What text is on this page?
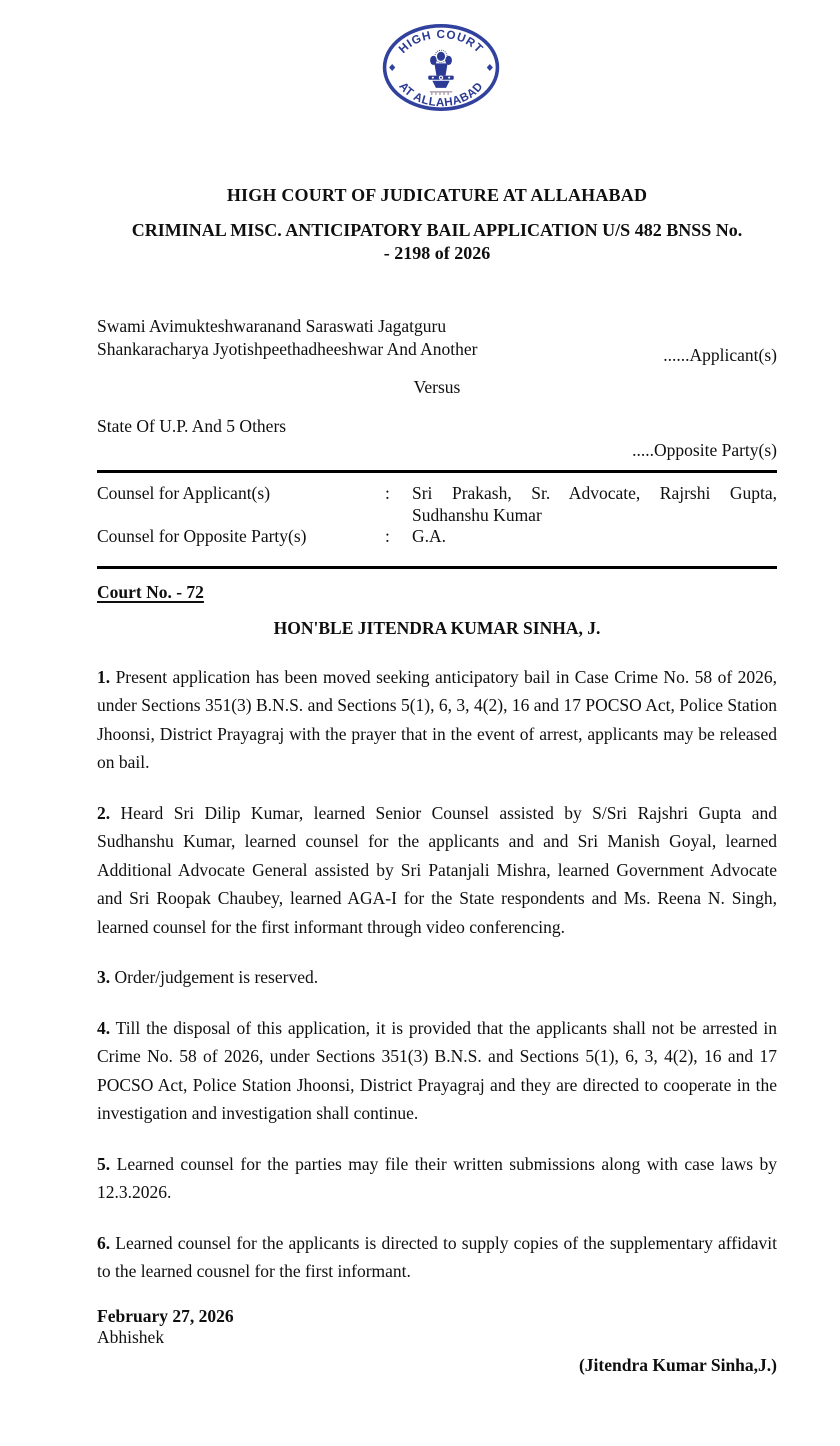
HIGH COURT
AT ALLAHABAD
HIGH COURT OF JUDICATURE AT ALLAHABAD
CRIMINAL MISC. ANTICIPATORY BAIL APPLICATION U/S 482 BNSS No.
- 2198 of 2026
Swami Avimukteshwaranand Saraswati Jagatguru
Shankaracharya Jyotishpeethadheeshwar And Another	......Applicant(s)
Versus
State Of U.P. And 5 Others
.....Opposite Party(s)
Counsel for Applicant(s)	:	Sri Prakash, Sr. Advocate, Rajrshi Gupta, Sudhanshu Kumar
Counsel for Opposite Party(s)	:	G.A.
Court No. - 72
HON'BLE JITENDRA KUMAR SINHA, J.

1. Present application has been moved seeking anticipatory bail in Case Crime No. 58 of 2026, under Sections 351(3) B.N.S. and Sections 5(1), 6, 3, 4(2), 16 and 17 POCSO Act, Police Station Jhoonsi, District Prayagraj with the prayer that in the event of arrest, applicants may be released on bail.

2. Heard Sri Dilip Kumar, learned Senior Counsel assisted by S/Sri Rajshri Gupta and Sudhanshu Kumar, learned counsel for the applicants and and Sri Manish Goyal, learned Additional Advocate General assisted by Sri Patanjali Mishra, learned Government Advocate and Sri Roopak Chaubey, learned AGA-I for the State respondents and Ms. Reena N. Singh, learned counsel for the first informant through video conferencing.

3. Order/judgement is reserved.

4. Till the disposal of this application, it is provided that the applicants shall not be arrested in Crime No. 58 of 2026, under Sections 351(3) B.N.S. and Sections 5(1), 6, 3, 4(2), 16 and 17 POCSO Act, Police Station Jhoonsi, District Prayagraj and they are directed to cooperate in the investigation and investigation shall continue.

5. Learned counsel for the parties may file their written submissions along with case laws by 12.3.2026.

6. Learned counsel for the applicants is directed to supply copies of the supplementary affidavit to the learned cousnel for the first informant.

February 27, 2026
Abhishek
(Jitendra Kumar Sinha,J.)
